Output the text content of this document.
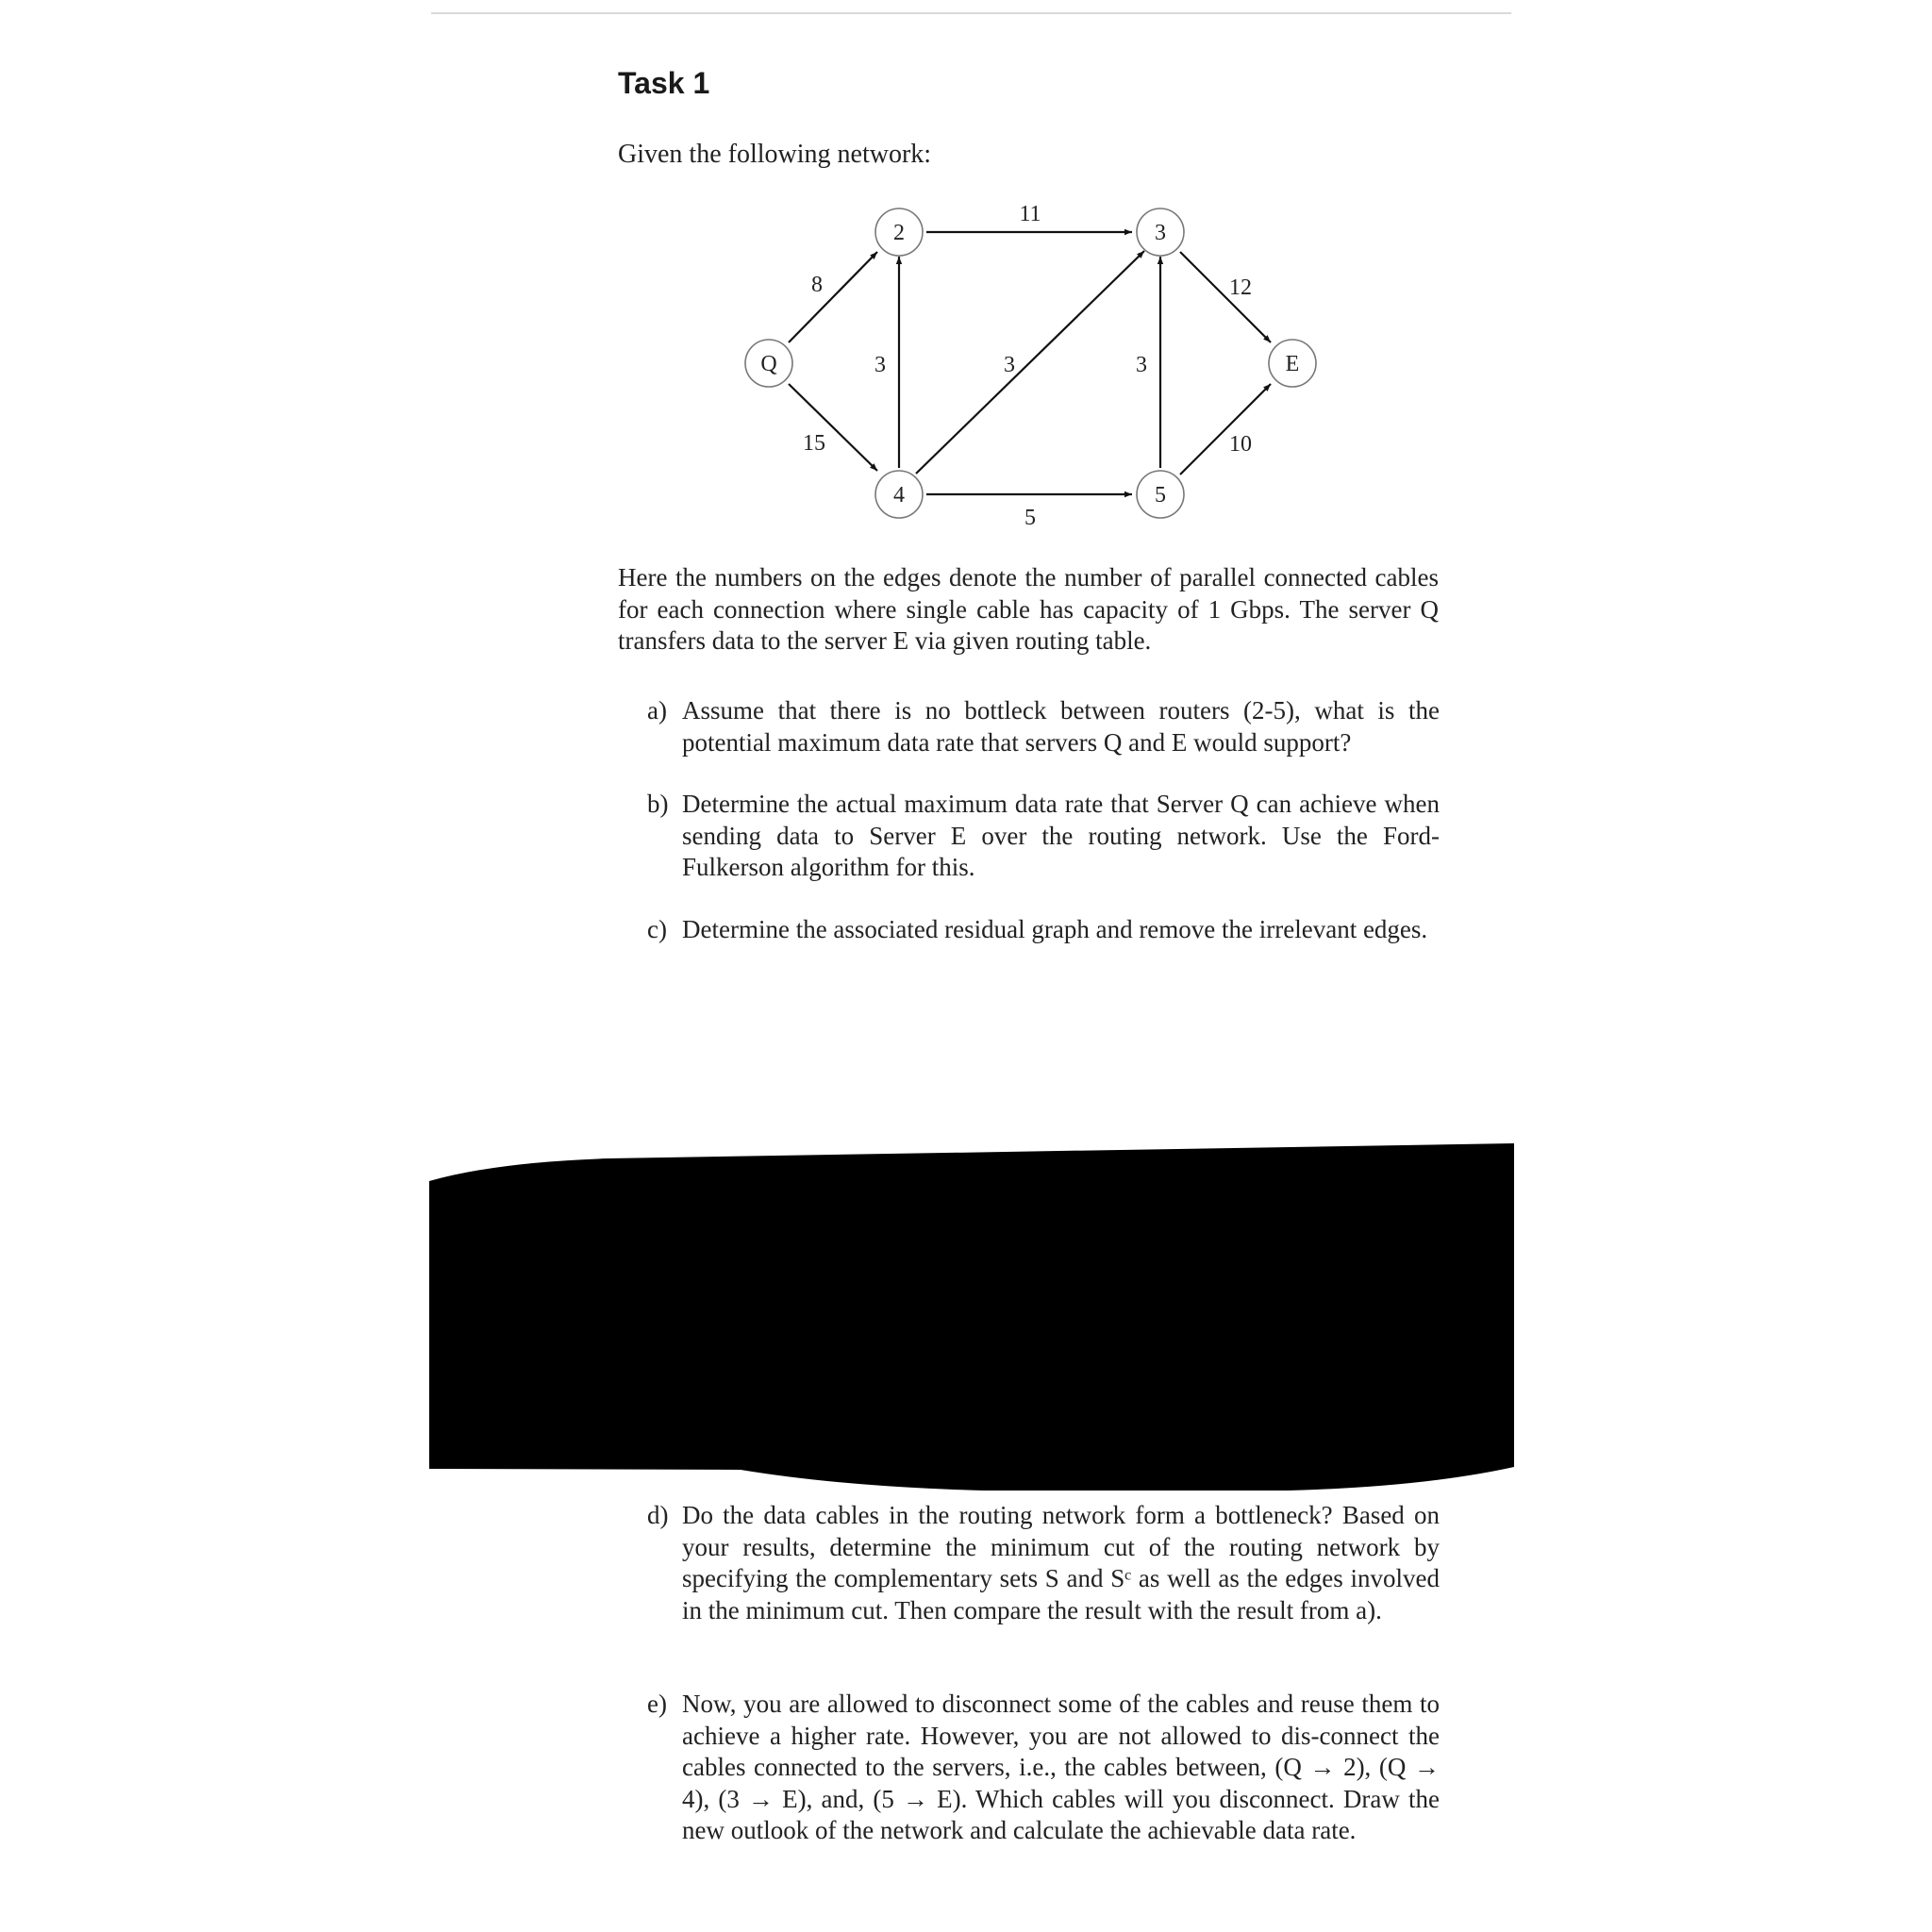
Task 1
Given the following network:
8
15
11
3	3
5
3
12
10
Q
2	3
4	5
E
Here the numbers on the edges denote the number of parallel connected cables for each connection where single cable has capacity of 1 Gbps. The server Q transfers data to the server E via given routing table.
a) Assume that there is no bottleck between routers (2-5), what is the potential maximum data rate that servers Q and E would support?
b) Determine the actual maximum data rate that Server Q can achieve when sending data to Server E over the routing network. Use the Ford-Fulkerson algorithm for this.
c) Determine the associated residual graph and remove the irrelevant edges.
d) Do the data cables in the routing network form a bottleneck? Based on your results, determine the minimum cut of the routing network by specifying the complementary sets S and Sᶜ as well as the edges involved in the minimum cut. Then compare the result with the result from a).
e) Now, you are allowed to disconnect some of the cables and reuse them to achieve a higher rate. However, you are not allowed to dis-connect the cables connected to the servers, i.e., the cables between, (Q → 2), (Q → 4), (3 → E), and, (5 → E). Which cables will you disconnect. Draw the new outlook of the network and calculate the achievable data rate.
